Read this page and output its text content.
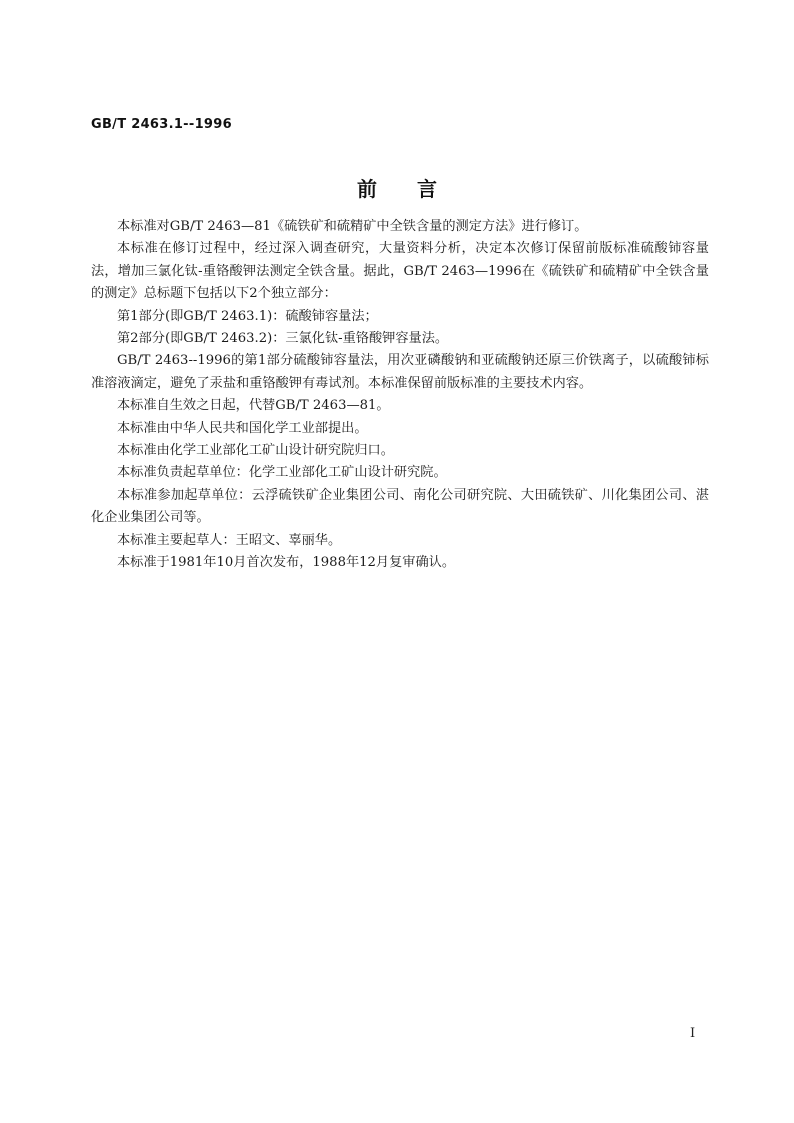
GB/T 2463.1--1996
前言

本标准对GB/T 2463—81《硫铁矿和硫精矿中全铁含量的测定方法》进行修订。

本标准在修订过程中，经过深入调查研究，大量资料分析，决定本次修订保留前版标准硫酸铈容量法，增加三氯化钛-重铬酸钾法测定全铁含量。据此，GB/T 2463—1996在《硫铁矿和硫精矿中全铁含量的测定》总标题下包括以下2个独立部分：

第1部分(即GB/T 2463.1)：硫酸铈容量法；

第2部分(即GB/T 2463.2)：三氯化钛-重铬酸钾容量法。

GB/T 2463--1996的第1部分硫酸铈容量法，用次亚磷酸钠和亚硫酸钠还原三价铁离子，以硫酸铈标准溶液滴定，避免了汞盐和重铬酸钾有毒试剂。本标准保留前版标准的主要技术内容。

本标准自生效之日起，代替GB/T 2463—81。

本标准由中华人民共和国化学工业部提出。

本标准由化学工业部化工矿山设计研究院归口。

本标准负责起草单位：化学工业部化工矿山设计研究院。

本标准参加起草单位：云浮硫铁矿企业集团公司、南化公司研究院、大田硫铁矿、川化集团公司、湛化企业集团公司等。

本标准主要起草人：王昭文、辜丽华。

本标准于1981年10月首次发布，1988年12月复审确认。

I
